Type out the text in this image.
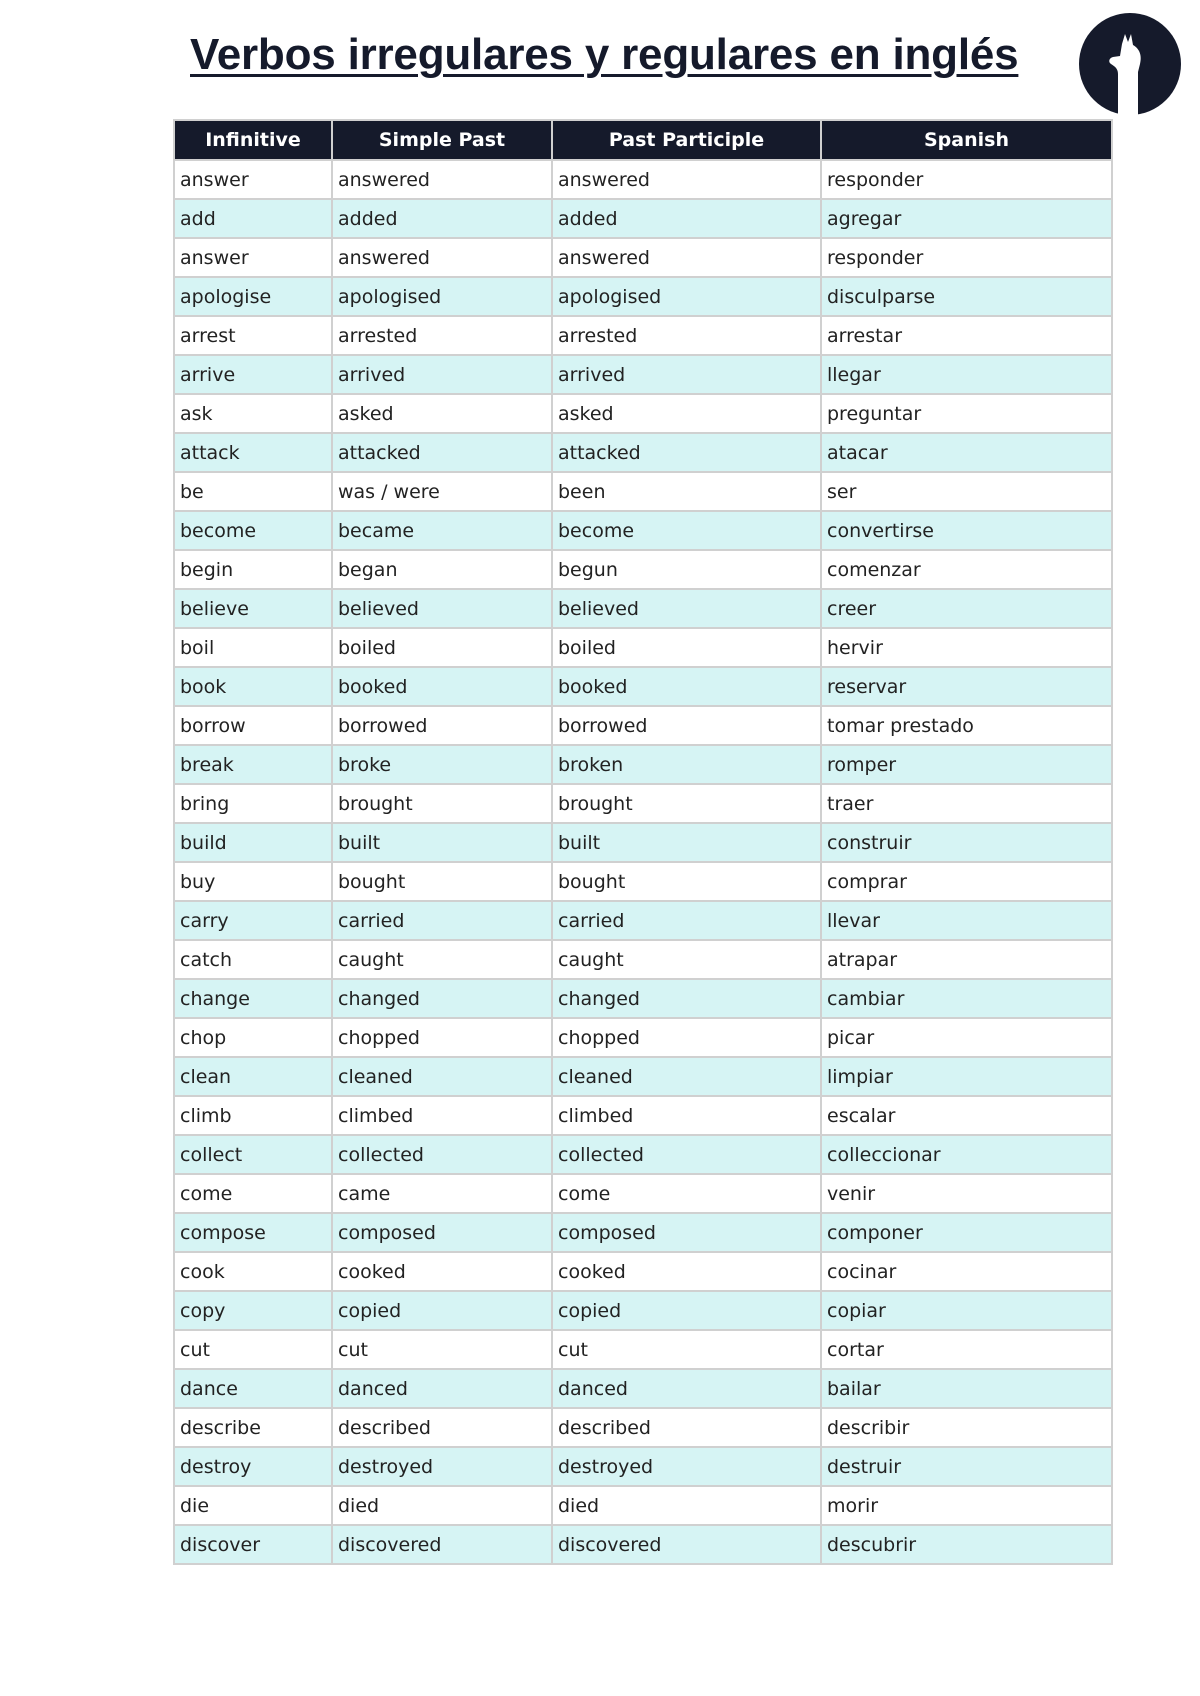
Verbos irregulares y regulares en inglés
Infinitive	Simple Past	Past Participle	Spanish
answer	answered	answered	responder
add	added	added	agregar
answer	answered	answered	responder
apologise	apologised	apologised	disculparse
arrest	arrested	arrested	arrestar
arrive	arrived	arrived	llegar
ask	asked	asked	preguntar
attack	attacked	attacked	atacar
be	was / were	been	ser
become	became	become	convertirse
begin	began	begun	comenzar
believe	believed	believed	creer
boil	boiled	boiled	hervir
book	booked	booked	reservar
borrow	borrowed	borrowed	tomar prestado
break	broke	broken	romper
bring	brought	brought	traer
build	built	built	construir
buy	bought	bought	comprar
carry	carried	carried	llevar
catch	caught	caught	atrapar
change	changed	changed	cambiar
chop	chopped	chopped	picar
clean	cleaned	cleaned	limpiar
climb	climbed	climbed	escalar
collect	collected	collected	colleccionar
come	came	come	venir
compose	composed	composed	componer
cook	cooked	cooked	cocinar
copy	copied	copied	copiar
cut	cut	cut	cortar
dance	danced	danced	bailar
describe	described	described	describir
destroy	destroyed	destroyed	destruir
die	died	died	morir
discover	discovered	discovered	descubrir
